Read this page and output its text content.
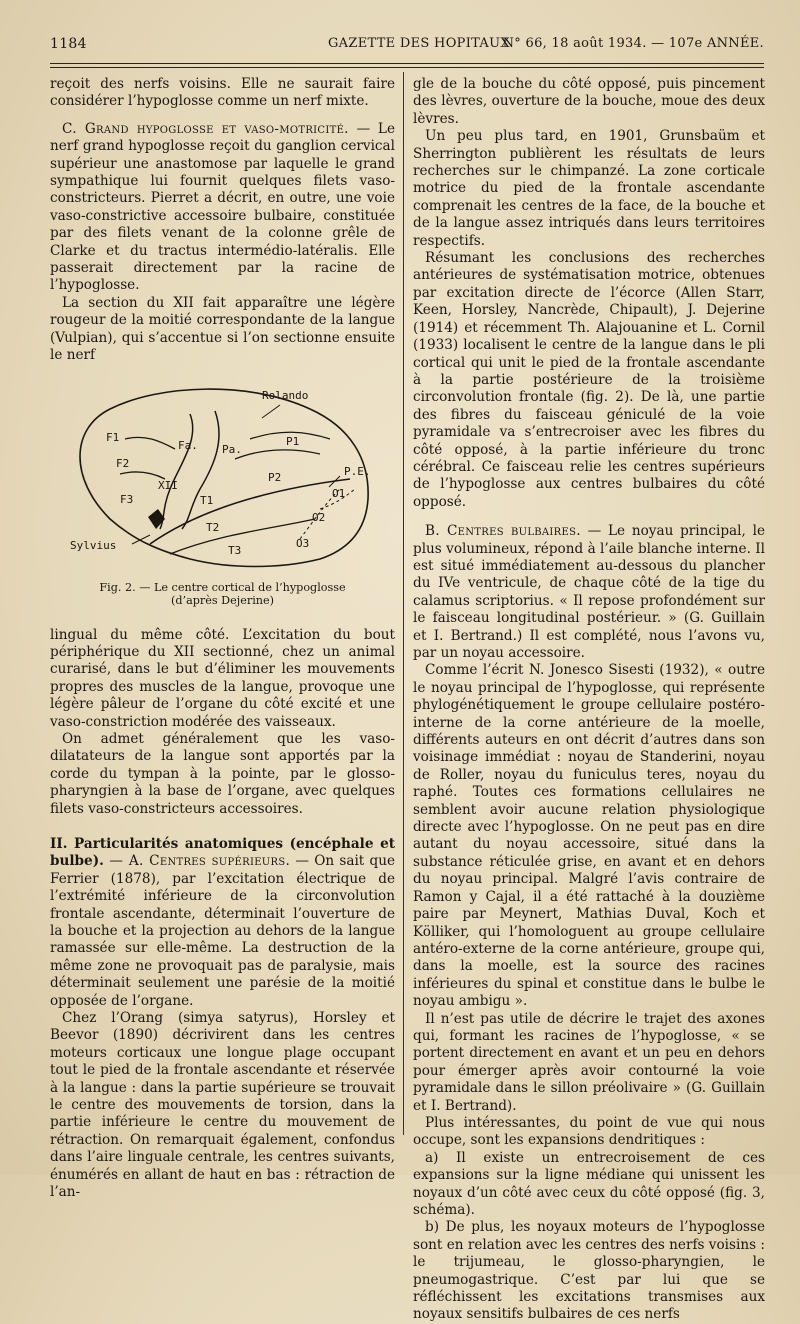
1184	GAZETTE DES HOPITAUX
N° 66, 18 août 1934. — 107e ANNÉE.

reçoit des nerfs voisins. Elle ne saurait faire considérer l’hypoglosse comme un nerf mixte.

C. Grand hypoglosse et vaso-motricité. — Le nerf grand hypoglosse reçoit du ganglion cervical supérieur une anastomose par laquelle le grand sympathique lui fournit quelques filets vaso-constricteurs. Pierret a décrit, en outre, une voie vaso-constrictive accessoire bulbaire, constituée par des filets venant de la colonne grêle de Clarke et du tractus intermédio-latéralis. Elle passerait directement par la racine de l’hypoglosse.

La section du XII fait apparaître une légère rougeur de la moitié correspondante de la langue (Vulpian), qui s’accentue si l’on sectionne ensuite le nerf

Rolando
Sylvius
F1
F2
F3
Fa. Pa.
P1
P2
XII
P.E.
O1
O2
O3
T1
T2
T3

Fig. 2. — Le centre cortical de l’hypoglosse

(d’après Dejerine)

lingual du même côté. L’excitation du bout périphérique du XII sectionné, chez un animal curarisé, dans le but d’éliminer les mouvements propres des muscles de la langue, provoque une légère pâleur de l’organe du côté excité et une vaso-constriction modérée des vaisseaux.

On admet généralement que les vaso-dilatateurs de la langue sont apportés par la corde du tympan à la pointe, par le glosso-pharyngien à la base de l’organe, avec quelques filets vaso-constricteurs accessoires.

II. Particularités anatomiques (encéphale et bulbe). — A. Centres supérieurs. — On sait que Ferrier (1878), par l’excitation électrique de l’extrémité inférieure de la circonvolution frontale ascendante, déterminait l’ouverture de la bouche et la projection au dehors de la langue ramassée sur elle-même. La destruction de la même zone ne provoquait pas de paralysie, mais déterminait seulement une parésie de la moitié opposée de l’organe.

Chez l’Orang (simya satyrus), Horsley et Beevor (1890) décrivirent dans les centres moteurs corticaux une longue plage occupant tout le pied de la frontale ascendante et réservée à la langue : dans la partie supérieure se trouvait le centre des mouvements de torsion, dans la partie inférieure le centre du mouvement de rétraction. On remarquait également, confondus dans l’aire linguale centrale, les centres suivants, énumérés en allant de haut en bas : rétraction de l’an-

gle de la bouche du côté opposé, puis pincement des lèvres, ouverture de la bouche, moue des deux lèvres.

Un peu plus tard, en 1901, Grunsbaüm et Sherrington publièrent les résultats de leurs recherches sur le chimpanzé. La zone corticale motrice du pied de la frontale ascendante comprenait les centres de la face, de la bouche et de la langue assez intriqués dans leurs territoires respectifs.

Résumant les conclusions des recherches antérieures de systématisation motrice, obtenues par excitation directe de l’écorce (Allen Starr, Keen, Horsley, Nancrède, Chipault), J. Dejerine (1914) et récemment Th. Alajouanine et L. Cornil (1933) localisent le centre de la langue dans le pli cortical qui unit le pied de la frontale ascendante à la partie postérieure de la troisième circonvolution frontale (fig. 2). De là, une partie des fibres du faisceau géniculé de la voie pyramidale va s’entrecroiser avec les fibres du côté opposé, à la partie inférieure du tronc cérébral. Ce faisceau relie les centres supérieurs de l’hypoglosse aux centres bulbaires du côté opposé.

B. Centres bulbaires. — Le noyau principal, le plus volumineux, répond à l’aile blanche interne. Il est situé immédiatement au-dessous du plancher du IVe ventricule, de chaque côté de la tige du calamus scriptorius. « Il repose profondément sur le faisceau longitudinal postérieur. » (G. Guillain et I. Bertrand.) Il est complété, nous l’avons vu, par un noyau accessoire.

Comme l’écrit N. Jonesco Sisesti (1932), « outre le noyau principal de l’hypoglosse, qui représente phylogénétiquement le groupe cellulaire postéro-interne de la corne antérieure de la moelle, différents auteurs en ont décrit d’autres dans son voisinage immédiat : noyau de Standerini, noyau de Roller, noyau du funiculus teres, noyau du raphé. Toutes ces formations cellulaires ne semblent avoir aucune relation physiologique directe avec l’hypoglosse. On ne peut pas en dire autant du noyau accessoire, situé dans la substance réticulée grise, en avant et en dehors du noyau principal. Malgré l’avis contraire de Ramon y Cajal, il a été rattaché à la douzième paire par Meynert, Mathias Duval, Koch et Kölliker, qui l’homologuent au groupe cellulaire antéro-externe de la corne antérieure, groupe qui, dans la moelle, est la source des racines inférieures du spinal et constitue dans le bulbe le noyau ambigu ».

Il n’est pas utile de décrire le trajet des axones qui, formant les racines de l’hypoglosse, « se portent directement en avant et un peu en dehors pour émerger après avoir contourné la voie pyramidale dans le sillon préolivaire » (G. Guillain et I. Bertrand).

Plus intéressantes, du point de vue qui nous occupe, sont les expansions dendritiques :

a) Il existe un entrecroisement de ces expansions sur la ligne médiane qui unissent les noyaux d’un côté avec ceux du côté opposé (fig. 3, schéma).

b) De plus, les noyaux moteurs de l’hypoglosse sont en relation avec les centres des nerfs voisins : le trijumeau, le glosso-pharyngien, le pneumogastrique. C’est par lui que se réfléchissent les excitations transmises aux noyaux sensitifs bulbaires de ces nerfs
